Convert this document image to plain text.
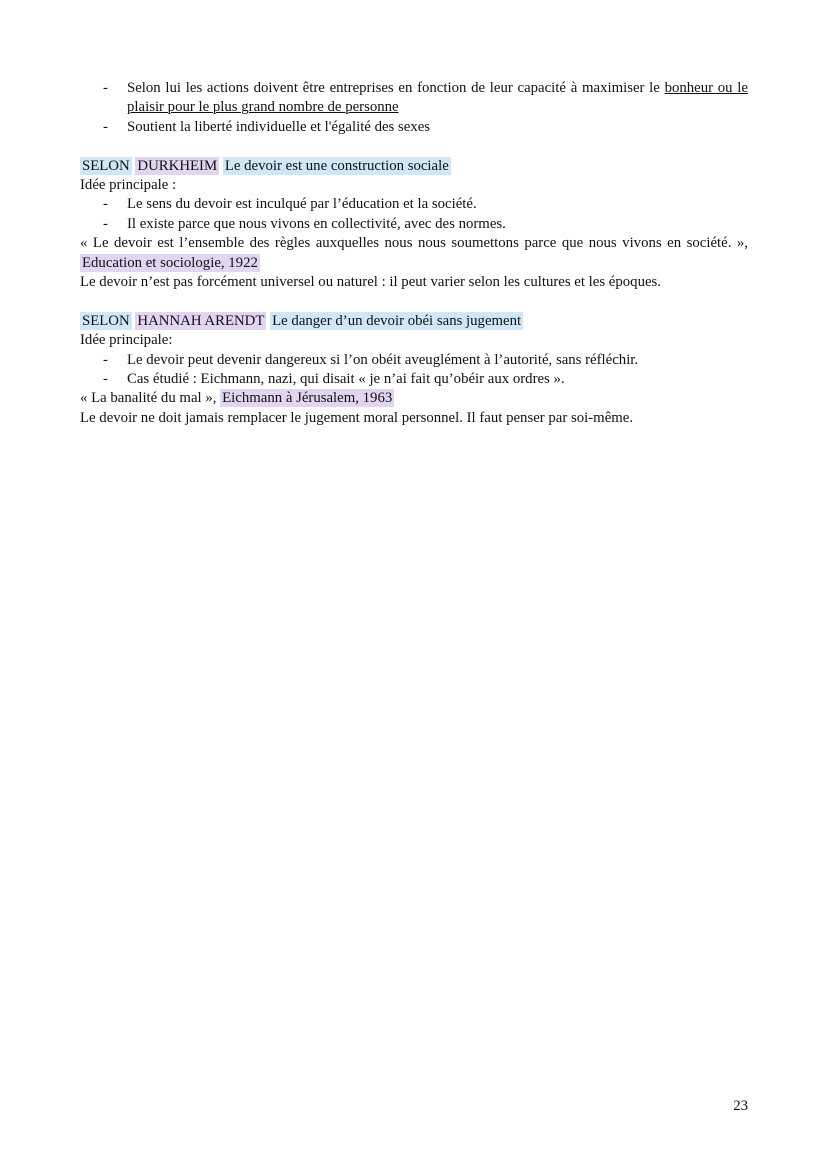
-	Selon lui les actions doivent être entreprises en fonction de leur capacité à maximiser le bonheur ou le plaisir pour le plus grand nombre de personne
-	Soutient la liberté individuelle et l'égalité des sexes

SELON DURKHEIM Le devoir est une construction sociale

Idée principale :

-	Le sens du devoir est inculqué par l’éducation et la société.
-	Il existe parce que nous vivons en collectivité, avec des normes.

« Le devoir est l’ensemble des règles auxquelles nous nous soumettons parce que nous vivons en société. », Education et sociologie, 1922

Le devoir n’est pas forcément universel ou naturel : il peut varier selon les cultures et les époques.

SELON HANNAH ARENDT Le danger d’un devoir obéi sans jugement

Idée principale:

-	Le devoir peut devenir dangereux si l’on obéit aveuglément à l’autorité, sans réfléchir.
-	Cas étudié : Eichmann, nazi, qui disait « je n’ai fait qu’obéir aux ordres ».

« La banalité du mal », Eichmann à Jérusalem, 1963

Le devoir ne doit jamais remplacer le jugement moral personnel. Il faut penser par soi-même.

23
